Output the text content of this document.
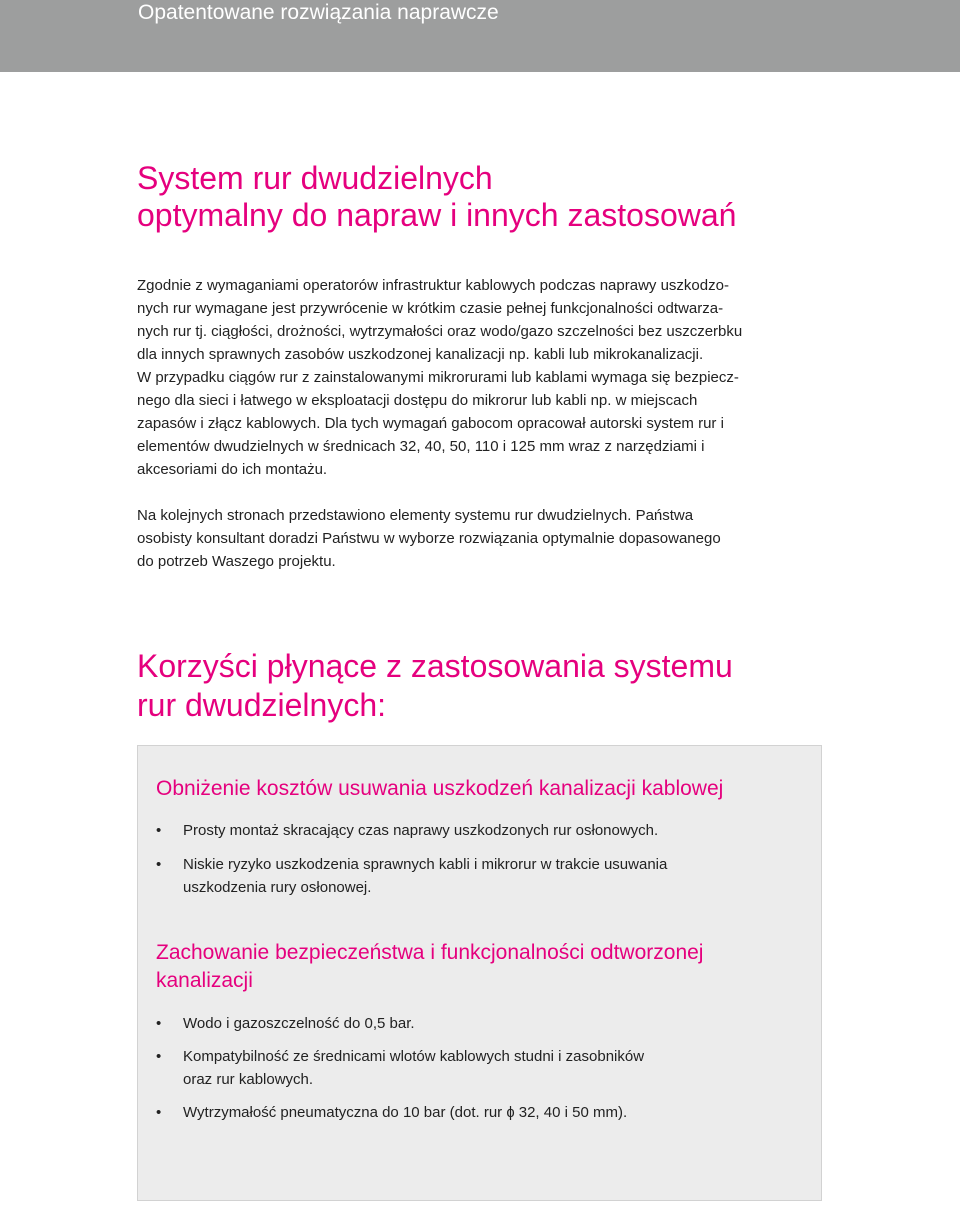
Opatentowane rozwiązania naprawcze
System rur dwudzielnych
optymalny do napraw i innych zastosowań
Zgodnie z wymaganiami operatorów infrastruktur kablowych podczas naprawy uszkodzo-
nych rur wymagane jest przywrócenie w krótkim czasie pełnej funkcjonalności odtwarza-
nych rur tj. ciągłości, drożności, wytrzymałości oraz wodo/gazo szczelności bez uszczerbku
dla innych sprawnych zasobów uszkodzonej kanalizacji np. kabli lub mikrokanalizacji.
W przypadku ciągów rur z zainstalowanymi mikrorurami lub kablami wymaga się bezpiecz-
nego dla sieci i łatwego w eksploatacji dostępu do mikrorur lub kabli np. w miejscach
zapasów i złącz kablowych. Dla tych wymagań gabocom opracował autorski system rur i
elementów dwudzielnych w średnicach 32, 40, 50, 110 i 125 mm wraz z narzędziami i
akcesoriami do ich montażu.
Na kolejnych stronach przedstawiono elementy systemu rur dwudzielnych. Państwa
osobisty konsultant doradzi Państwu w wyborze rozwiązania optymalnie dopasowanego
do potrzeb Waszego projektu.
Korzyści płynące z zastosowania systemu
rur dwudzielnych:
Obniżenie kosztów usuwania uszkodzeń kanalizacji kablowej
• Prosty montaż skracający czas naprawy uszkodzonych rur osłonowych.
• Niskie ryzyko uszkodzenia sprawnych kabli i mikrorur w trakcie usuwania
uszkodzenia rury osłonowej.
Zachowanie bezpieczeństwa i funkcjonalności odtworzonej
kanalizacji
• Wodo i gazoszczelność do 0,5 bar.
• Kompatybilność ze średnicami wlotów kablowych studni i zasobników
oraz rur kablowych.
• Wytrzymałość pneumatyczna do 10 bar (dot. rur ɸ 32, 40 i 50 mm).
